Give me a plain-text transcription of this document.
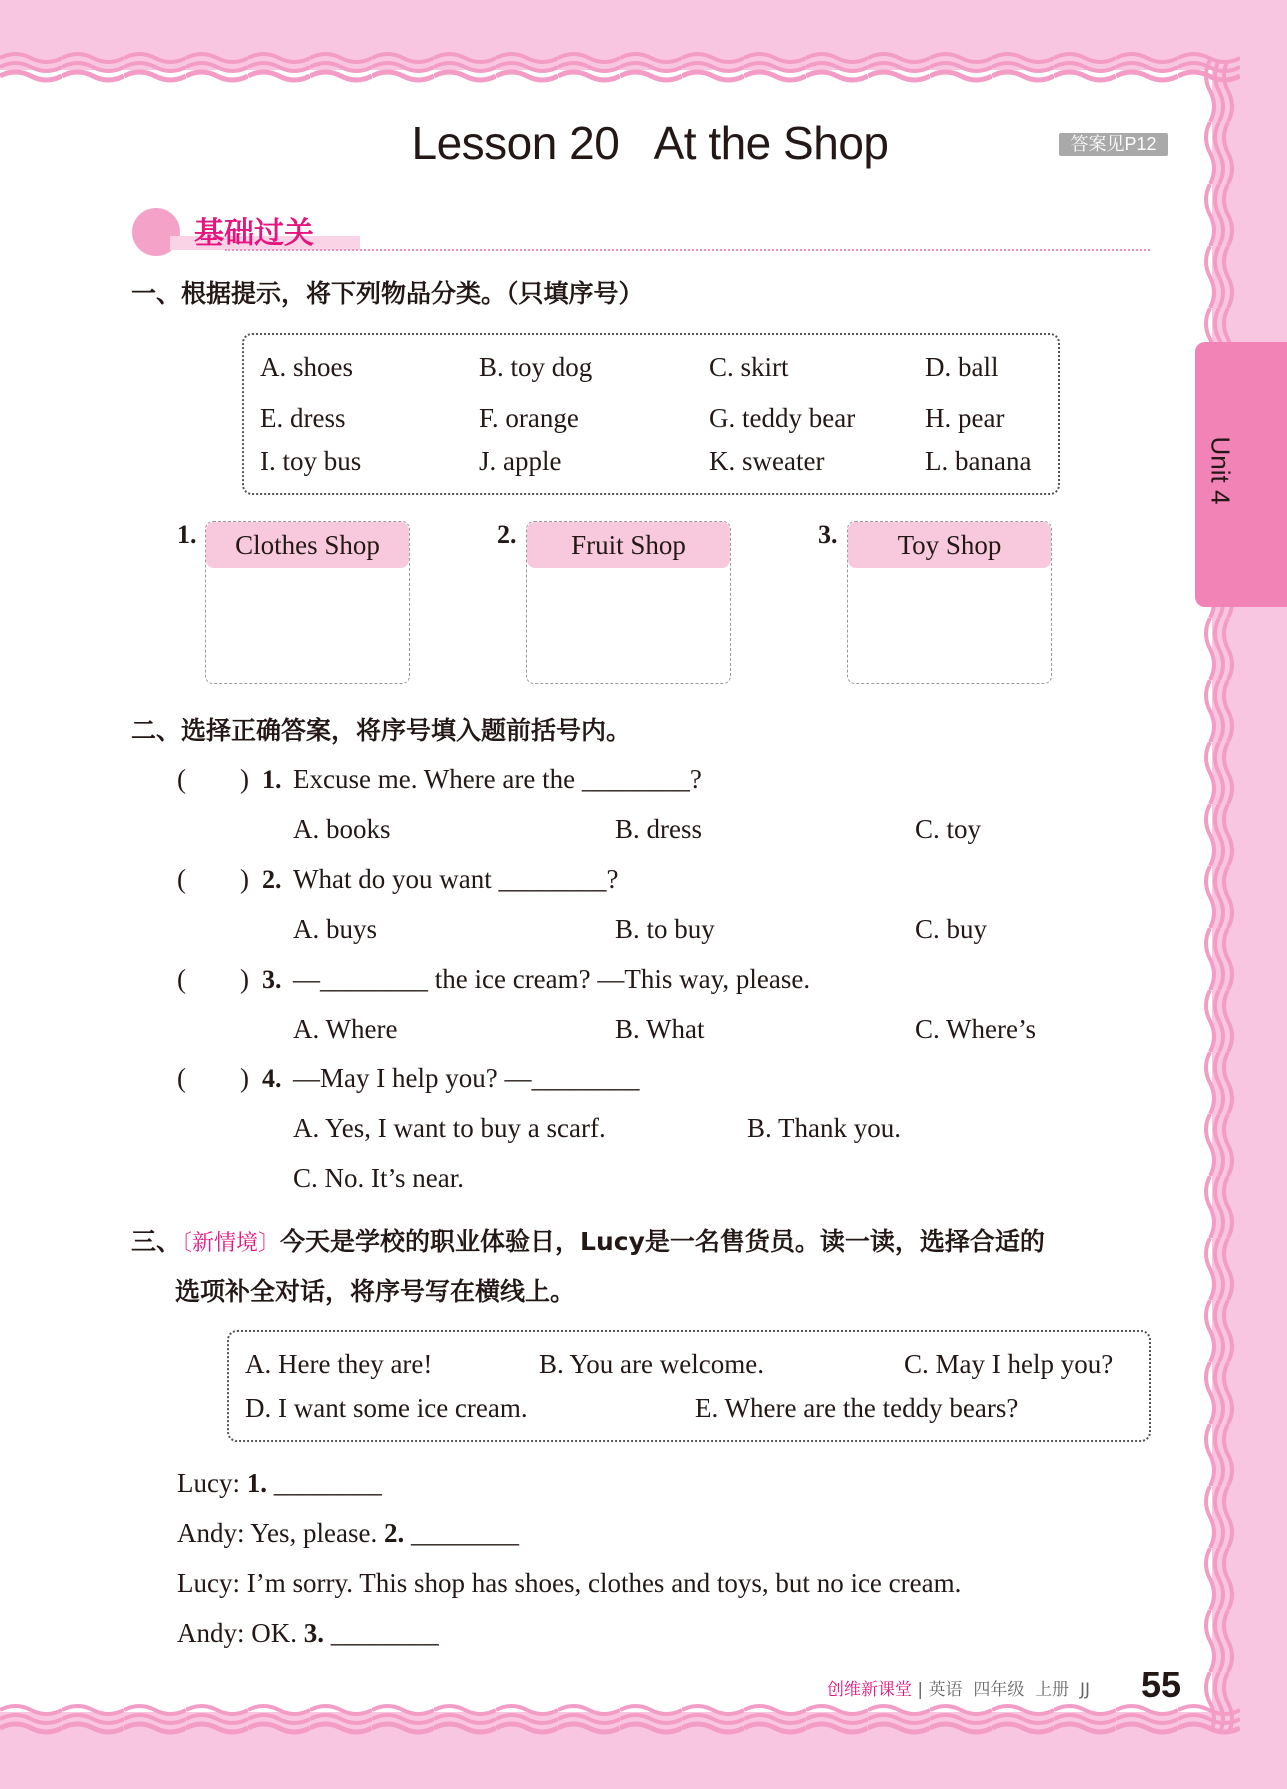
Unit 4
Lesson 20   At the Shop	答案见P12
基础过关
一、根据提示，将下列物品分类。（只填序号）
二、选择正确答案，将序号填入题前括号内。
三、〔新情境〕今天是学校的职业体验日，Lucy是一名售货员。读一读，选择合适的
选项补全对话，将序号写在横线上。
创维新课堂 | 英语  四年级  上册  JJ 55
A. shoes	B. toy dog	C. skirt	D. ball
E. dress	F. orange	G. teddy bear	H. pear
I. toy bus	J. apple	K. sweater	L. banana
1.	Clothes Shop	2.	Fruit Shop	3.	Toy Shop
(        ) 1. Excuse me. Where are the ________?
A. books	B. dress	C. toy
(        ) 2. What do you want ________?
A. buys	B. to buy	C. buy
(        ) 3. —________ the ice cream? —This way, please.
A. Where	B. What	C. Where’s
(        ) 4. —May I help you? —________
A. Yes, I want to buy a scarf.	B. Thank you.
C. No. It’s near.
A. Here they are!	B. You are welcome.	C. May I help you?
D. I want some ice cream.	E. Where are the teddy bears?
Lucy: 1. ________
Andy: Yes, please. 2. ________
Lucy: I’m sorry. This shop has shoes, clothes and toys, but no ice cream.
Andy: OK. 3. ________
